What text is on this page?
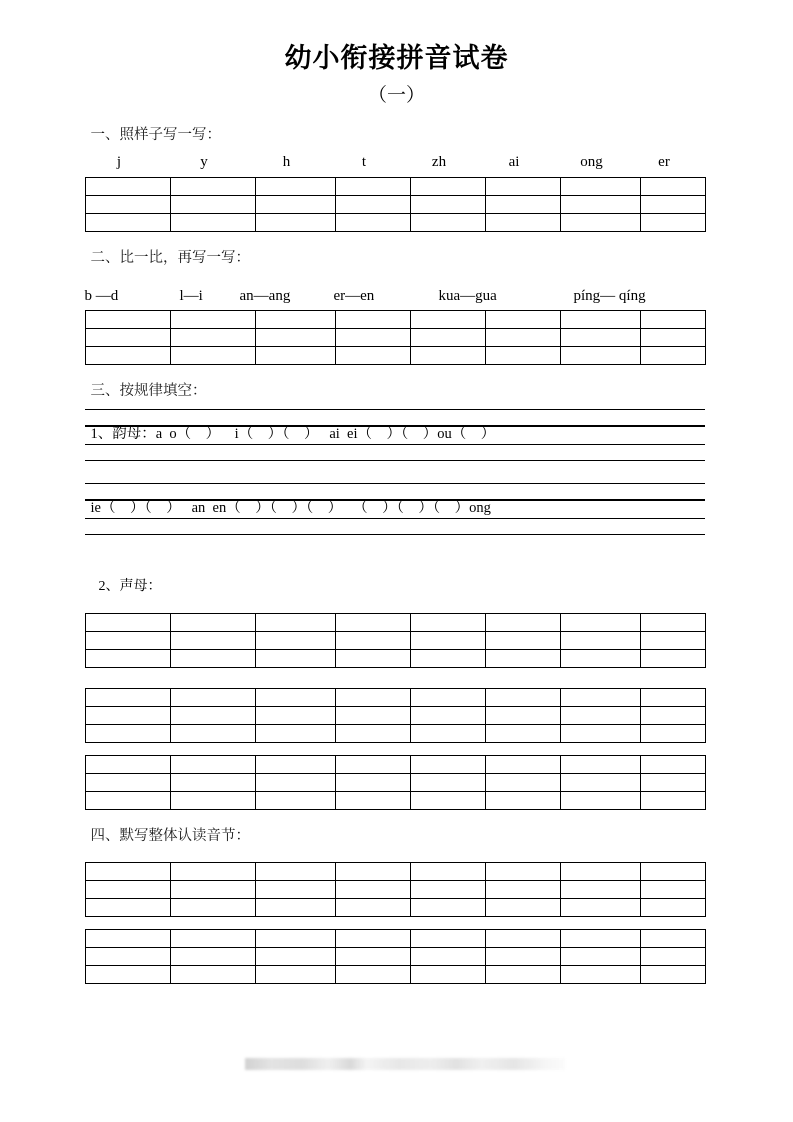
幼小衔接拼音试卷
（一）
一、照样子写一写：
j	y	h	t	zh	ai	ong	er

二、比一比，再写一写：
b —d	l—i an—ang	er—en	kua—gua	píng— qíng

三、按规律填空：
1、韵母：a  o（    ）    i（    ）（    ）   ai  ei（    ）（    ）ou（    ）
ie（    ）（    ）   an  en（    ）（    ）（    ）   （    ）（    ）（    ）ong
2、声母：

四、默写整体认读音节：
